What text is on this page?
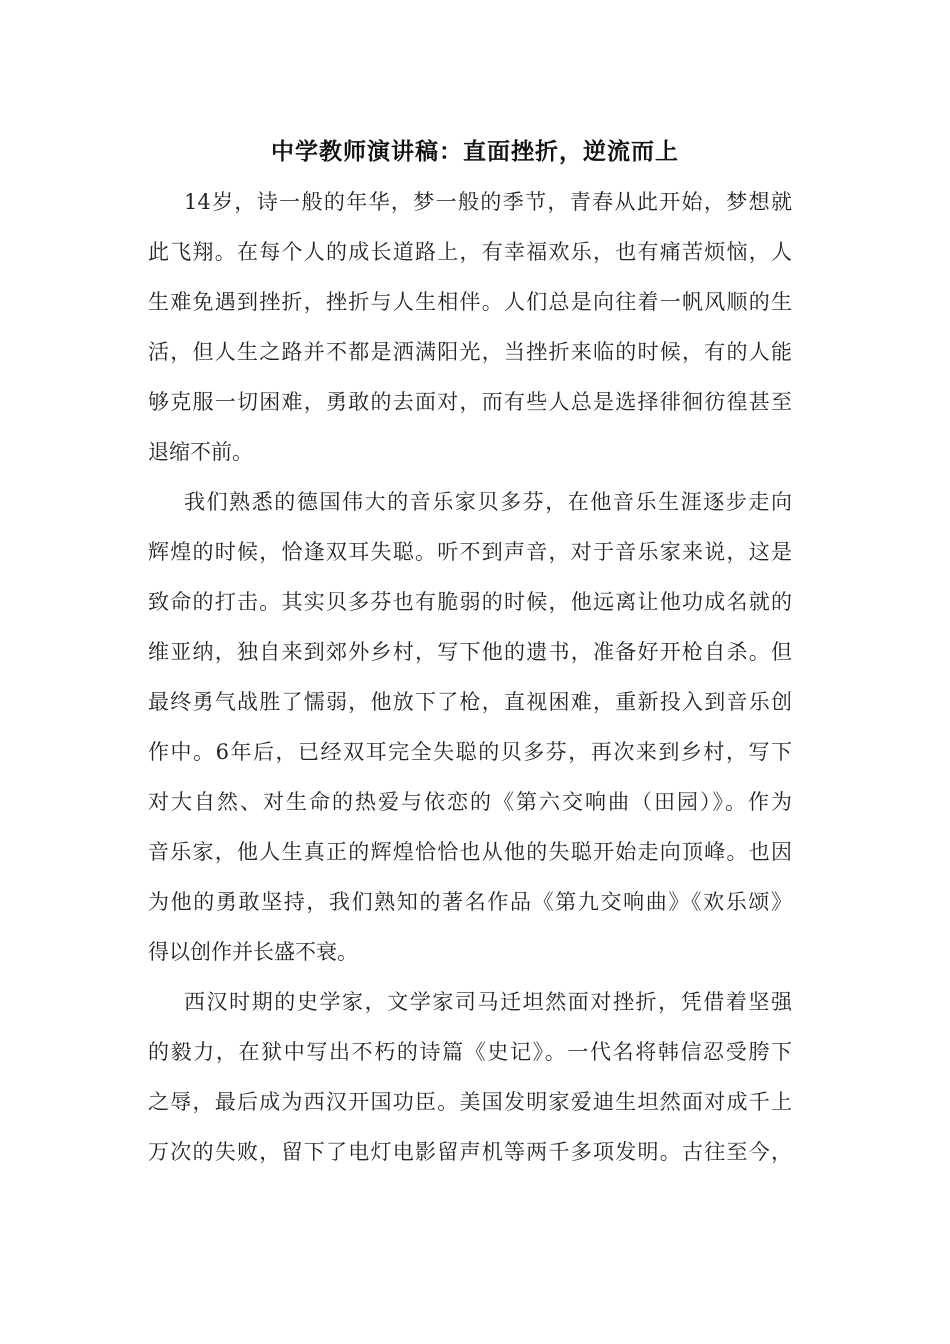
中学教师演讲稿：直面挫折，逆流而上
14岁，诗一般的年华，梦一般的季节，青春从此开始，梦想就
此飞翔。在每个人的成长道路上，有幸福欢乐，也有痛苦烦恼，人
生难免遇到挫折，挫折与人生相伴。人们总是向往着一帆风顺的生
活，但人生之路并不都是洒满阳光，当挫折来临的时候，有的人能
够克服一切困难，勇敢的去面对，而有些人总是选择徘徊彷徨甚至
退缩不前。
我们熟悉的德国伟大的音乐家贝多芬，在他音乐生涯逐步走向
辉煌的时候，恰逢双耳失聪。听不到声音，对于音乐家来说，这是
致命的打击。其实贝多芬也有脆弱的时候，他远离让他功成名就的
维亚纳，独自来到郊外乡村，写下他的遗书，准备好开枪自杀。但
最终勇气战胜了懦弱，他放下了枪，直视困难，重新投入到音乐创
作中。6年后，已经双耳完全失聪的贝多芬，再次来到乡村，写下
对大自然、对生命的热爱与依恋的《第六交响曲（田园）》。作为
音乐家，他人生真正的辉煌恰恰也从他的失聪开始走向顶峰。也因
为他的勇敢坚持，我们熟知的著名作品《第九交响曲》《欢乐颂》
得以创作并长盛不衰。
西汉时期的史学家，文学家司马迁坦然面对挫折，凭借着坚强
的毅力，在狱中写出不朽的诗篇《史记》。一代名将韩信忍受胯下
之辱，最后成为西汉开国功臣。美国发明家爱迪生坦然面对成千上
万次的失败，留下了电灯电影留声机等两千多项发明。古往至今，
